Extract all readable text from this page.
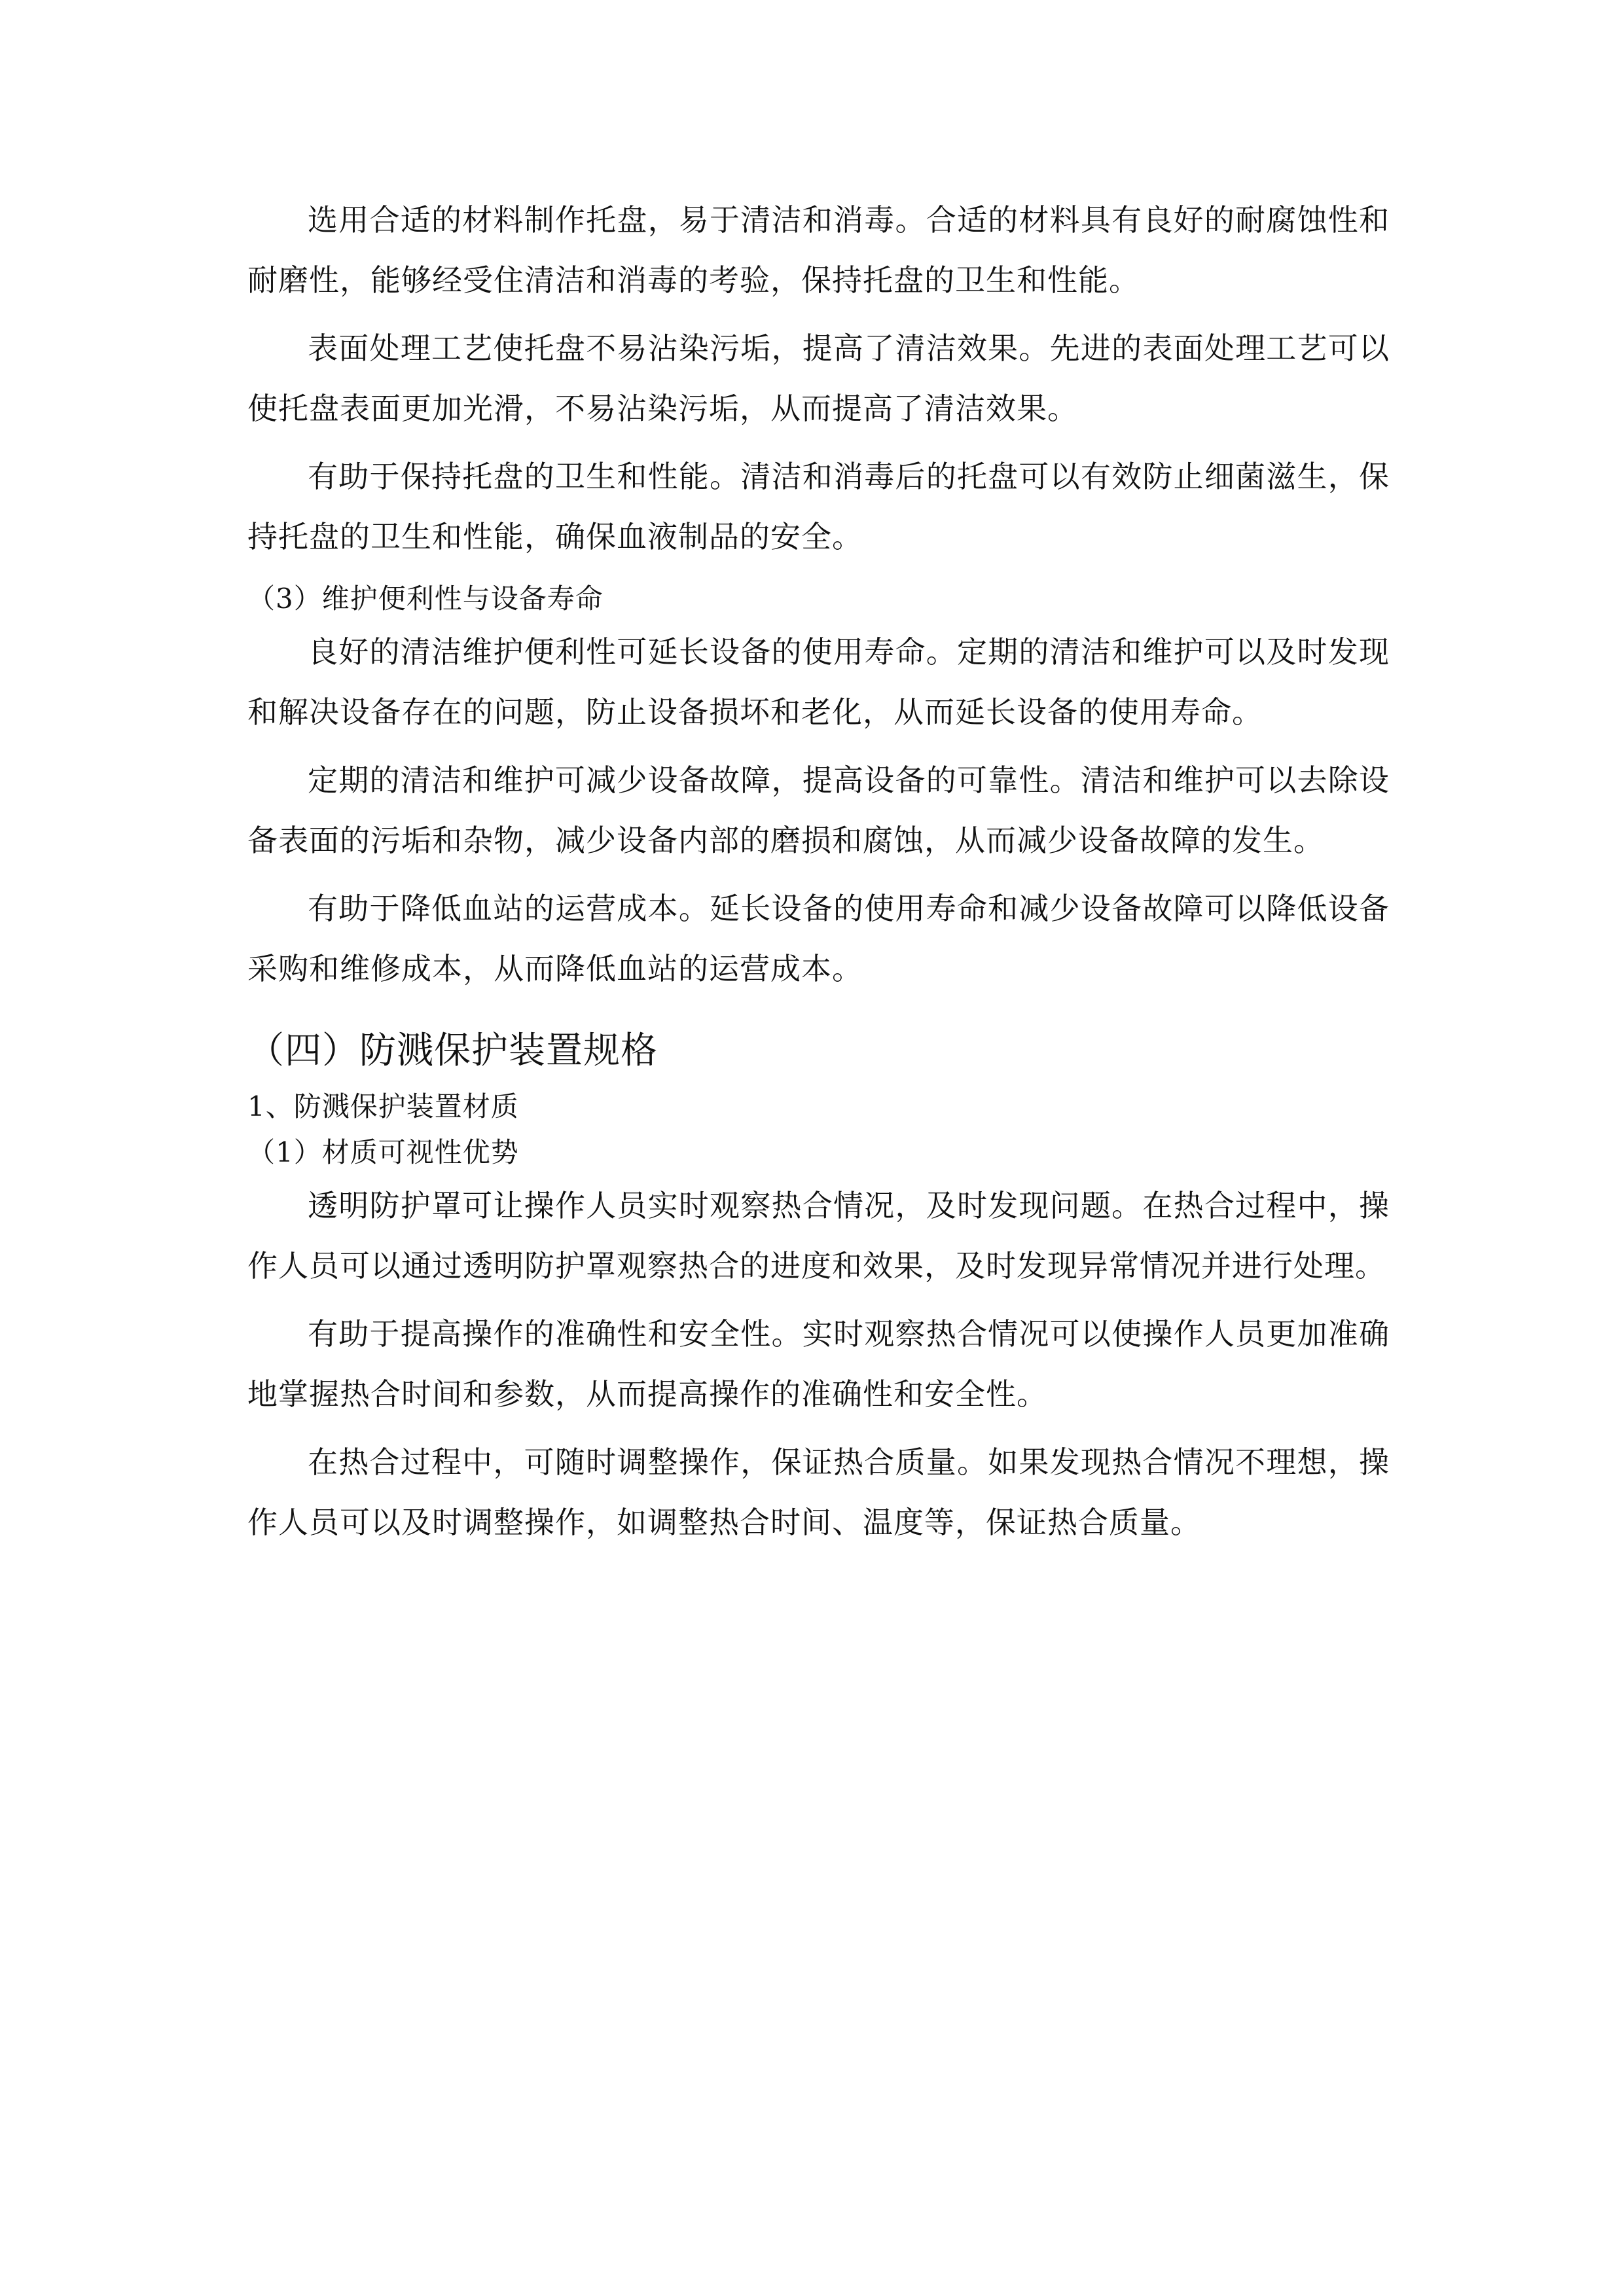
选用合适的材料制作托盘，易于清洁和消毒。合适的材料具有良好的耐腐蚀性和耐磨性，能够经受住清洁和消毒的考验，保持托盘的卫生和性能。

表面处理工艺使托盘不易沾染污垢，提高了清洁效果。先进的表面处理工艺可以使托盘表面更加光滑，不易沾染污垢，从而提高了清洁效果。

有助于保持托盘的卫生和性能。清洁和消毒后的托盘可以有效防止细菌滋生，保持托盘的卫生和性能，确保血液制品的安全。

（3）维护便利性与设备寿命

良好的清洁维护便利性可延长设备的使用寿命。定期的清洁和维护可以及时发现和解决设备存在的问题，防止设备损坏和老化，从而延长设备的使用寿命。

定期的清洁和维护可减少设备故障，提高设备的可靠性。清洁和维护可以去除设备表面的污垢和杂物，减少设备内部的磨损和腐蚀，从而减少设备故障的发生。

有助于降低血站的运营成本。延长设备的使用寿命和减少设备故障可以降低设备采购和维修成本，从而降低血站的运营成本。

（四）防溅保护装置规格

1、防溅保护装置材质

（1）材质可视性优势

透明防护罩可让操作人员实时观察热合情况，及时发现问题。在热合过程中，操作人员可以通过透明防护罩观察热合的进度和效果，及时发现异常情况并进行处理。

有助于提高操作的准确性和安全性。实时观察热合情况可以使操作人员更加准确地掌握热合时间和参数，从而提高操作的准确性和安全性。

在热合过程中，可随时调整操作，保证热合质量。如果发现热合情况不理想，操作人员可以及时调整操作，如调整热合时间、温度等，保证热合质量。
